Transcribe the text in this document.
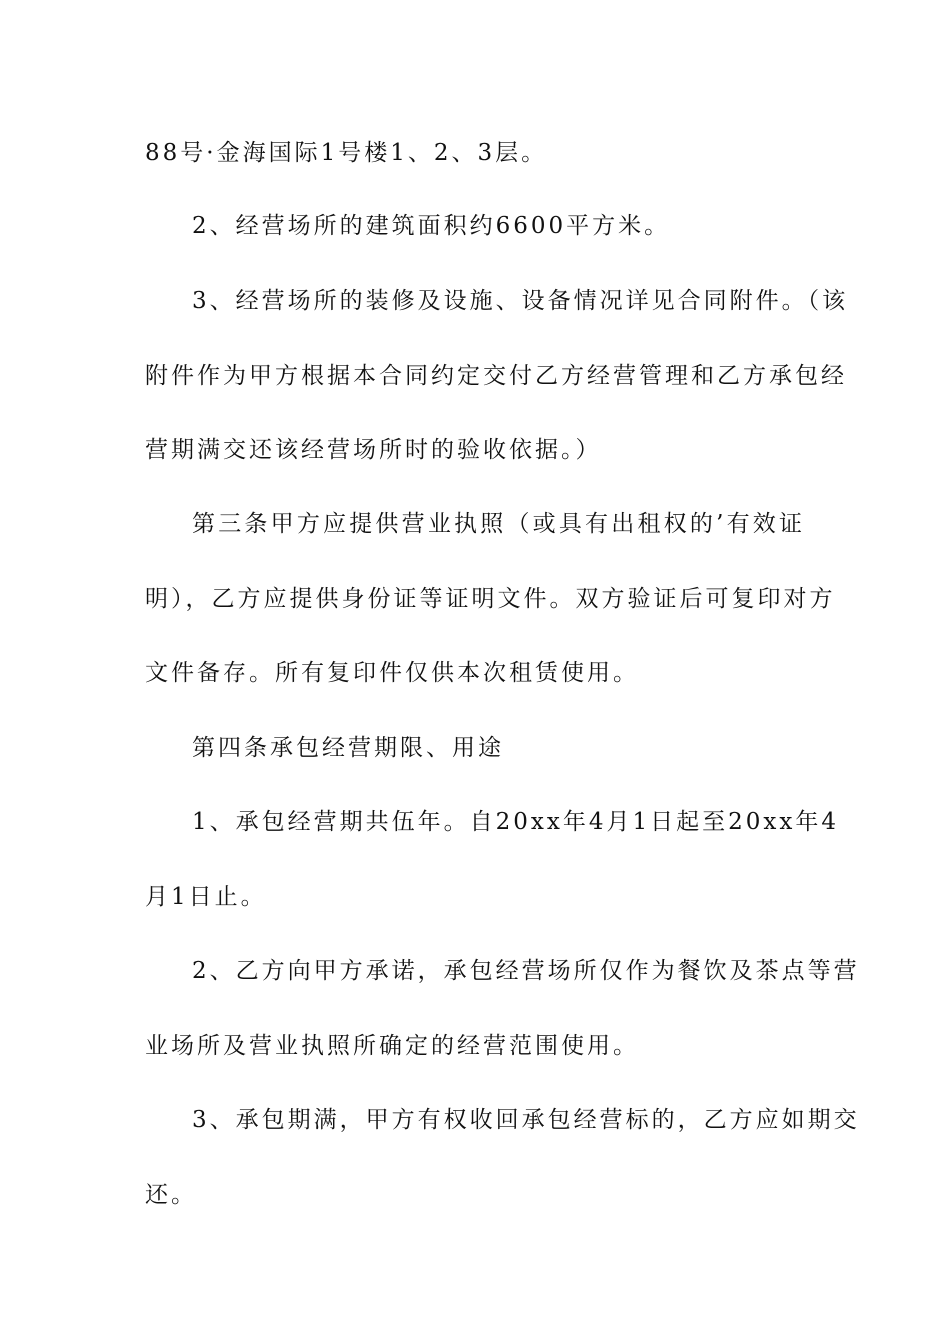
88号·金海国际1号楼1、2、3层。
2、经营场所的建筑面积约6600平方米。
3、经营场所的装修及设施、设备情况详见合同附件。（该
附件作为甲方根据本合同约定交付乙方经营管理和乙方承包经
营期满交还该经营场所时的验收依据。）
第三条甲方应提供营业执照（或具有出租权的’有效证
明），乙方应提供身份证等证明文件。双方验证后可复印对方
文件备存。所有复印件仅供本次租赁使用。
第四条承包经营期限、用途
1、承包经营期共伍年。自20xx年4月1日起至20xx年4
月1日止。
2、乙方向甲方承诺，承包经营场所仅作为餐饮及茶点等营
业场所及营业执照所确定的经营范围使用。
3、承包期满，甲方有权收回承包经营标的，乙方应如期交
还。
